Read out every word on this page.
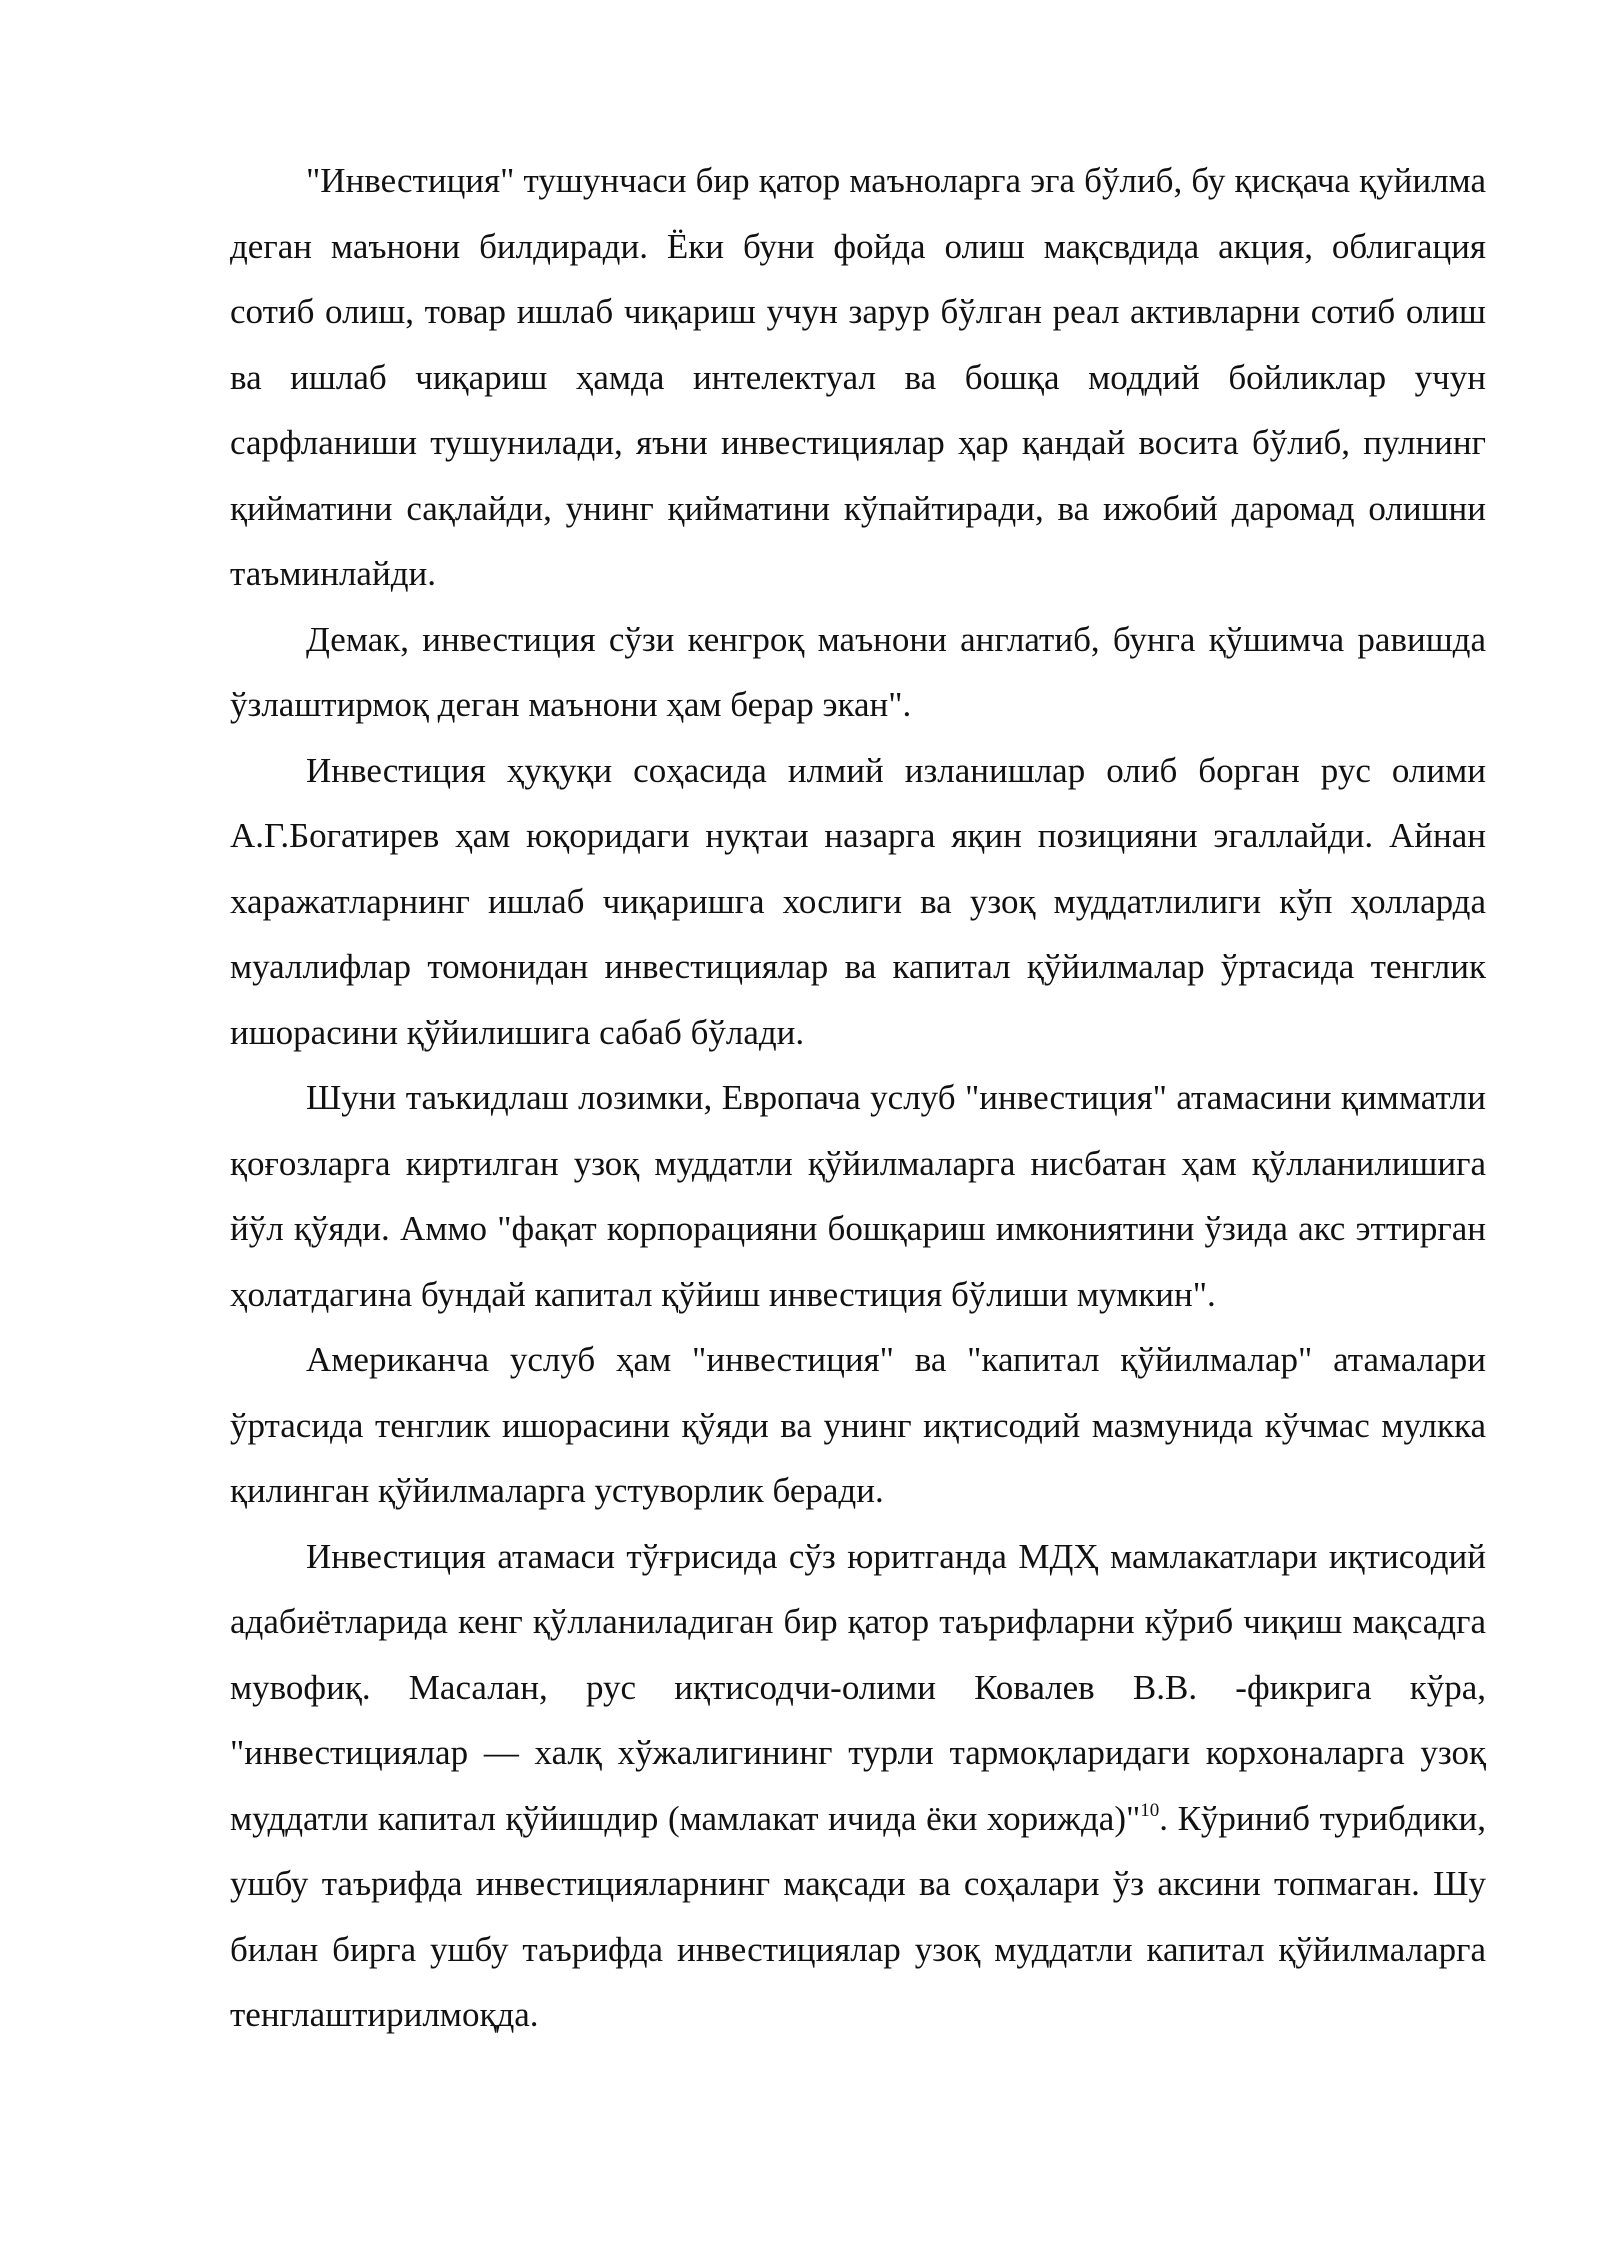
"Инвестиция" тушунчаси бир қатор маъноларга эга бўлиб, бу қисқача қуйилма деган маънони билдиради. Ёки буни фойда олиш мақсвдида акция, облигация сотиб олиш, товар ишлаб чиқариш учун зарур бўлган реал активларни сотиб олиш ва ишлаб чиқариш ҳамда интелектуал ва бошқа моддий бойликлар учун сарфланиши тушунилади, яъни инвестициялар ҳар қандай восита бўлиб, пулнинг қийматини сақлайди, унинг қийматини кўпайтиради, ва ижобий даромад олишни таъминлайди.

Демак, инвестиция сўзи кенгроқ маънони англатиб, бунга қўшимча равишда ўзлаштирмоқ деган маънони ҳам берар экан".

Инвестиция ҳуқуқи соҳасида илмий изланишлар олиб борган рус олими А.Г.Богатирев ҳам юқоридаги нуқтаи назарга яқин позицияни эгаллайди. Айнан харажатларнинг ишлаб чиқаришга хослиги ва узоқ муддатлилиги кўп ҳолларда муаллифлар томонидан инвестициялар ва капитал қўйилмалар ўртасида тенглик ишорасини қўйилишига сабаб бўлади.

Шуни таъкидлаш лозимки, Европача услуб "инвестиция" атамасини қимматли қоғозларга киртилган узоқ муддатли қўйилмаларга нисбатан ҳам қўлланилишига йўл қўяди. Аммо "фақат корпорацияни бошқариш имкониятини ўзида акс эттирган ҳолатдагина бундай капитал қўйиш инвестиция бўлиши мумкин".

Американча услуб ҳам "инвестиция" ва "капитал қўйилмалар" атамалари ўртасида тенглик ишорасини қўяди ва унинг иқтисодий мазмунида кўчмас мулкка қилинган қўйилмаларга устуворлик беради.

Инвестиция атамаси тўғрисида сўз юритганда МДҲ мамлакатлари иқтисодий адабиётларида кенг қўлланиладиган бир қатор таърифларни кўриб чиқиш мақсадга мувофиқ. Масалан, рус иқтисодчи-олими Ковалев В.В. -фикрига кўра, "инвестициялар — халқ хўжалигининг турли тармоқларидаги корхоналарга узоқ муддатли капитал қўйишдир (мамлакат ичида ёки хорижда)"$^{10}$. Кўриниб турибдики, ушбу таърифда инвестицияларнинг мақсади ва соҳалари ўз аксини топмаган. Шу билан бирга ушбу таърифда инвестициялар узоқ муддатли капитал қўйилмаларга тенглаштирилмоқда.
